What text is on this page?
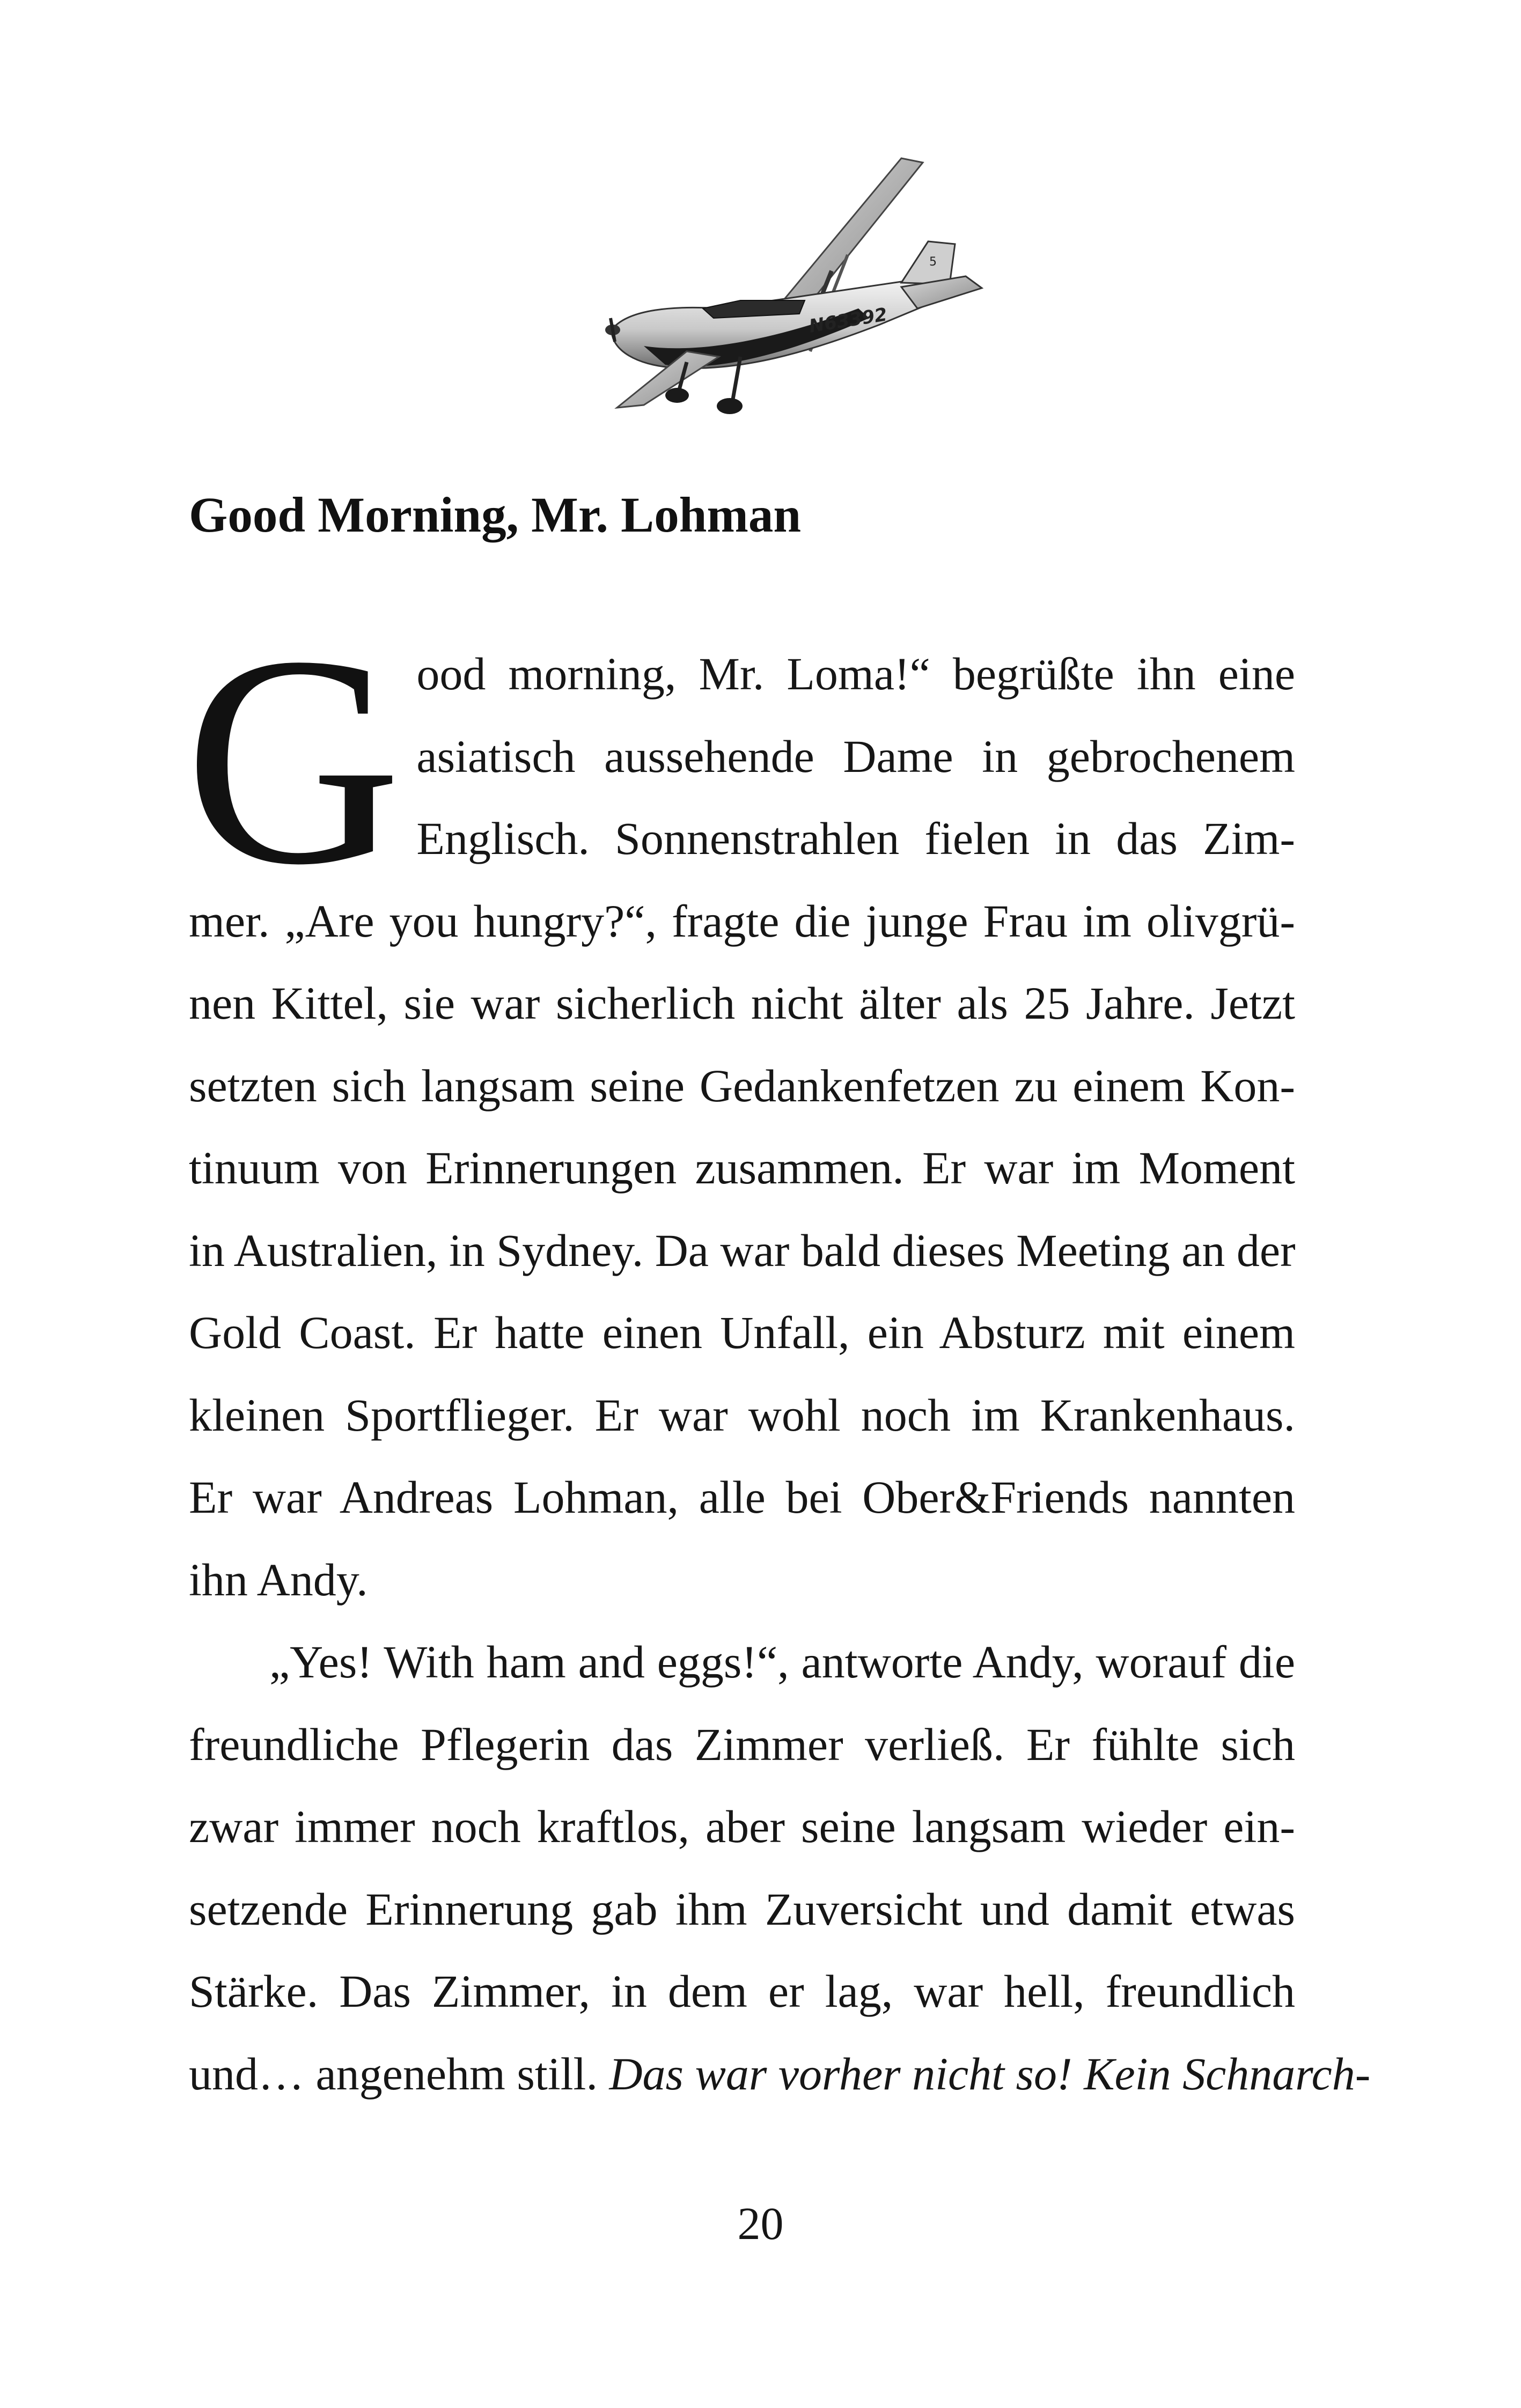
5
N63392
Good Morning, Mr. Lohman

G ood morning, Mr. Loma!“ begrüßte ihn eine
asiatisch aussehende Dame in gebrochenem
Englisch. Sonnenstrahlen fielen in das Zim-
mer. „Are you hungry?“, fragte die junge Frau im olivgrü-
nen Kittel, sie war sicherlich nicht älter als 25 Jahre. Jetzt
setzten sich langsam seine Gedankenfetzen zu einem Kon-
tinuum von Erinnerungen zusammen. Er war im Moment
in Australien, in Sydney. Da war bald dieses Meeting an der
Gold Coast. Er hatte einen Unfall, ein Absturz mit einem
kleinen Sportflieger. Er war wohl noch im Krankenhaus.
Er war Andreas Lohman, alle bei Ober&Friends nannten
ihn Andy.

„Yes! With ham and eggs!“, antworte Andy, worauf die
freundliche Pflegerin das Zimmer verließ. Er fühlte sich
zwar immer noch kraftlos, aber seine langsam wieder ein-
setzende Erinnerung gab ihm Zuversicht und damit etwas
Stärke. Das Zimmer, in dem er lag, war hell, freundlich
und… angenehm still. Das war vorher nicht so! Kein Schnarch-

20
